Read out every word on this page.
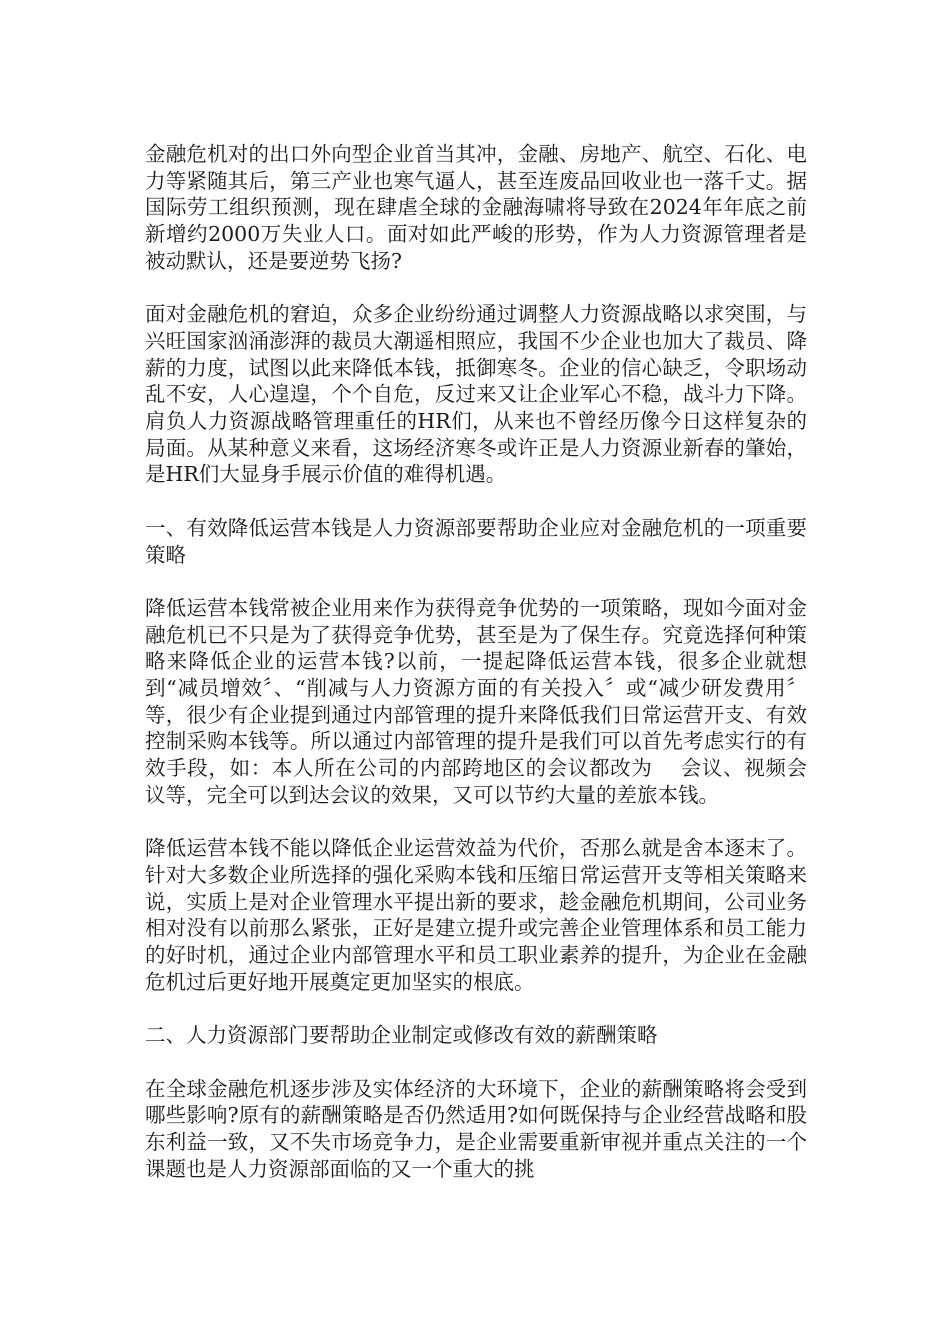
金融危机对的出口外向型企业首当其冲，金融、房地产、航空、石化、电力等紧随其后，第三产业也寒气逼人，甚至连废品回收业也一落千丈。据国际劳工组织预测，现在肆虐全球的金融海啸将导致在2024年年底之前新增约2000万失业人口。面对如此严峻的形势，作为人力资源管理者是被动默认，还是要逆势飞扬?

面对金融危机的窘迫，众多企业纷纷通过调整人力资源战略以求突围，与兴旺国家汹涌澎湃的裁员大潮遥相照应，我国不少企业也加大了裁员、降薪的力度，试图以此来降低本钱，抵御寒冬。企业的信心缺乏，令职场动乱不安，人心遑遑，个个自危，反过来又让企业军心不稳，战斗力下降。肩负人力资源战略管理重任的HR们，从来也不曾经历像今日这样复杂的局面。从某种意义来看，这场经济寒冬或许正是人力资源业新春的肇始，是HR们大显身手展示价值的难得机遇。

一、有效降低运营本钱是人力资源部要帮助企业应对金融危机的一项重要策略

降低运营本钱常被企业用来作为获得竞争优势的一项策略，现如今面对金融危机已不只是为了获得竞争优势，甚至是为了保生存。究竟选择何种策略来降低企业的运营本钱?以前，一提起降低运营本钱，很多企业就想到“减员增效〞、“削减与人力资源方面的有关投入〞或“减少研发费用〞等，很少有企业提到通过内部管理的提升来降低我们日常运营开支、有效控制采购本钱等。所以通过内部管理的提升是我们可以首先考虑实行的有效手段，如：本人所在公司的内部跨地区的会议都改为　 会议、视频会议等，完全可以到达会议的效果，又可以节约大量的差旅本钱。

降低运营本钱不能以降低企业运营效益为代价，否那么就是舍本逐末了。针对大多数企业所选择的强化采购本钱和压缩日常运营开支等相关策略来说，实质上是对企业管理水平提出新的要求，趁金融危机期间，公司业务相对没有以前那么紧张，正好是建立提升或完善企业管理体系和员工能力的好时机，通过企业内部管理水平和员工职业素养的提升，为企业在金融危机过后更好地开展奠定更加坚实的根底。

二、人力资源部门要帮助企业制定或修改有效的薪酬策略

在全球金融危机逐步涉及实体经济的大环境下，企业的薪酬策略将会受到哪些影响?原有的薪酬策略是否仍然适用?如何既保持与企业经营战略和股东利益一致，又不失市场竞争力，是企业需要重新审视并重点关注的一个课题也是人力资源部面临的又一个重大的挑
